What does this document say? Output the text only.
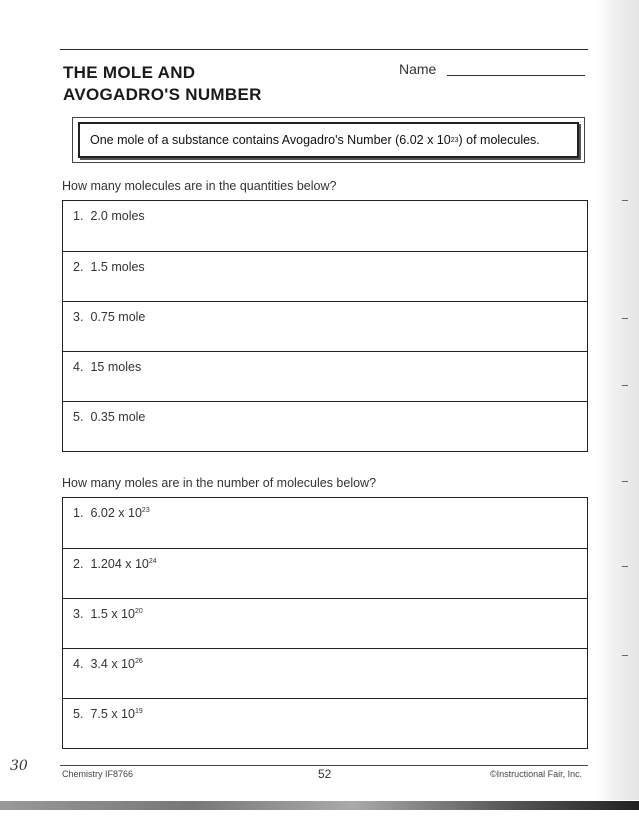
THE MOLE AND
AVOGADRO'S NUMBER
Name
One mole of a substance contains Avogadro's Number (6.02 x 10 23 ) of molecules.
How many molecules are in the quantities below?
1. 2.0 moles
2. 1.5 moles
3. 0.75 mole
4. 15 moles
5. 0.35 mole
How many moles are in the number of molecules below?
1. 6.02 x $10^{23}$
2. 1.204 x $10^{24}$
3. 1.5 x $10^{20}$
4. 3.4 x $10^{26}$
5. 7.5 x $10^{19}$
30	Chemistry IF8766	52	©Instructional Fair, Inc.
